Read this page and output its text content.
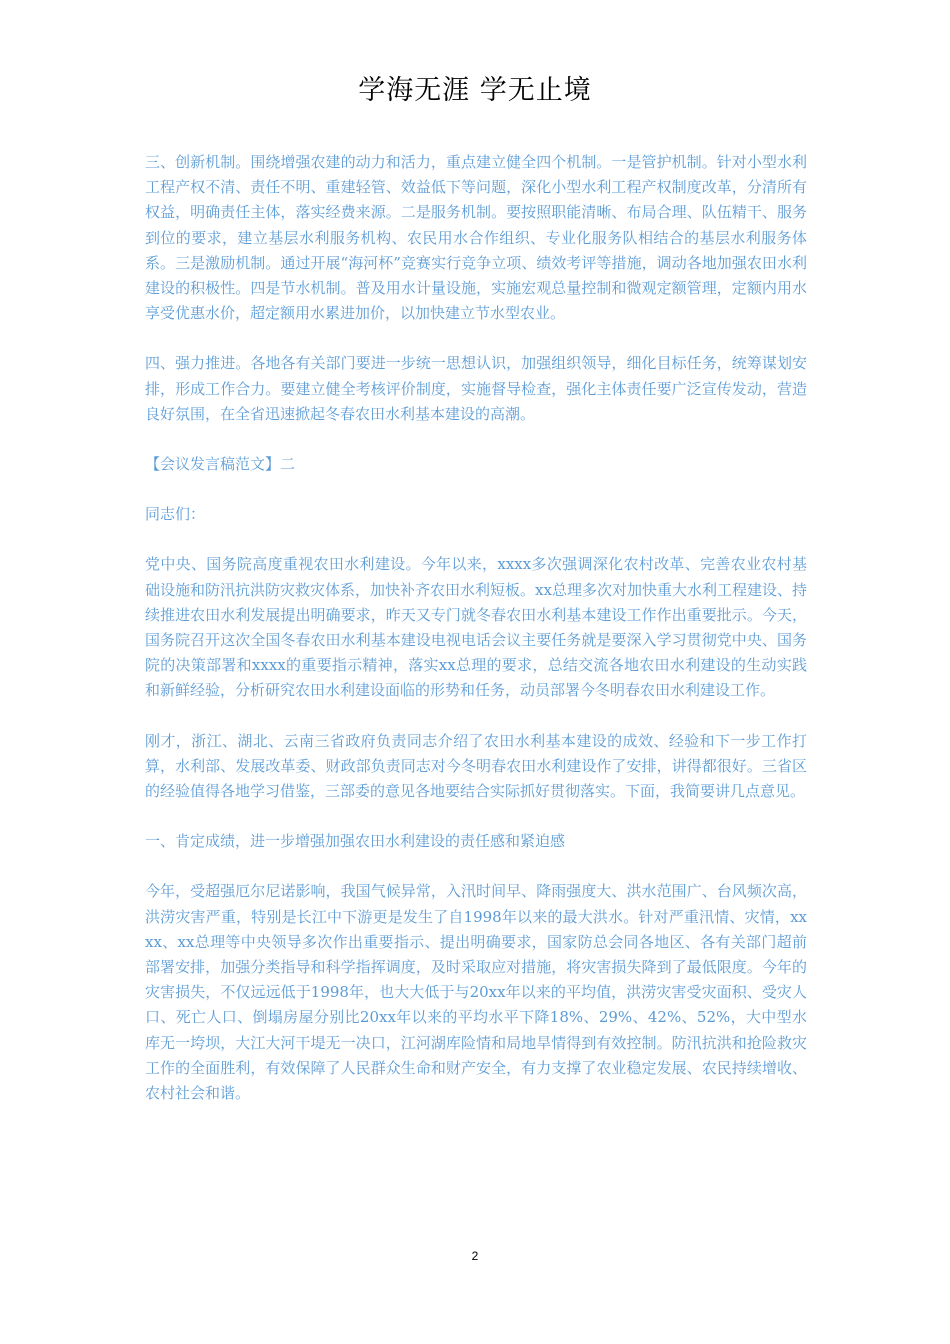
学海无涯 学无止境

三、创新机制。围绕增强农建的动力和活力，重点建立健全四个机制。一是管护机制。针对小型水利工程产权不清、责任不明、重建轻管、效益低下等问题，深化小型水利工程产权制度改革，分清所有权益，明确责任主体，落实经费来源。二是服务机制。要按照职能清晰、布局合理、队伍精干、服务到位的要求，建立基层水利服务机构、农民用水合作组织、专业化服务队相结合的基层水利服务体系。三是激励机制。通过开展“海河杯”竞赛实行竞争立项、绩效考评等措施，调动各地加强农田水利建设的积极性。四是节水机制。普及用水计量设施，实施宏观总量控制和微观定额管理，定额内用水享受优惠水价，超定额用水累进加价，以加快建立节水型农业。

四、强力推进。各地各有关部门要进一步统一思想认识，加强组织领导，细化目标任务，统筹谋划安排，形成工作合力。要建立健全考核评价制度，实施督导检查，强化主体责任要广泛宣传发动，营造良好氛围，在全省迅速掀起冬春农田水利基本建设的高潮。

【会议发言稿范文】二

同志们：

党中央、国务院高度重视农田水利建设。今年以来，xxxx多次强调深化农村改革、完善农业农村基础设施和防汛抗洪防灾救灾体系，加快补齐农田水利短板。xx总理多次对加快重大水利工程建设、持续推进农田水利发展提出明确要求，昨天又专门就冬春农田水利基本建设工作作出重要批示。今天，国务院召开这次全国冬春农田水利基本建设电视电话会议主要任务就是要深入学习贯彻党中央、国务院的决策部署和xxxx的重要指示精神，落实xx总理的要求，总结交流各地农田水利建设的生动实践和新鲜经验，分析研究农田水利建设面临的形势和任务，动员部署今冬明春农田水利建设工作。

刚才，浙江、湖北、云南三省政府负责同志介绍了农田水利基本建设的成效、经验和下一步工作打算，水利部、发展改革委、财政部负责同志对今冬明春农田水利建设作了安排，讲得都很好。三省区的经验值得各地学习借鉴，三部委的意见各地要结合实际抓好贯彻落实。下面，我简要讲几点意见。

一、肯定成绩，进一步增强加强农田水利建设的责任感和紧迫感

今年，受超强厄尔尼诺影响，我国气候异常，入汛时间早、降雨强度大、洪水范围广、台风频次高，洪涝灾害严重，特别是长江中下游更是发生了自1998年以来的最大洪水。针对严重汛情、灾情，xxxx、xx总理等中央领导多次作出重要指示、提出明确要求，国家防总会同各地区、各有关部门超前部署安排，加强分类指导和科学指挥调度，及时采取应对措施，将灾害损失降到了最低限度。今年的灾害损失，不仅远远低于1998年，也大大低于与20xx年以来的平均值，洪涝灾害受灾面积、受灾人口、死亡人口、倒塌房屋分别比20xx年以来的平均水平下降18%、29%、42%、52%，大中型水库无一垮坝，大江大河干堤无一决口，江河湖库险情和局地旱情得到有效控制。防汛抗洪和抢险救灾工作的全面胜利，有效保障了人民群众生命和财产安全，有力支撑了农业稳定发展、农民持续增收、农村社会和谐。

2
